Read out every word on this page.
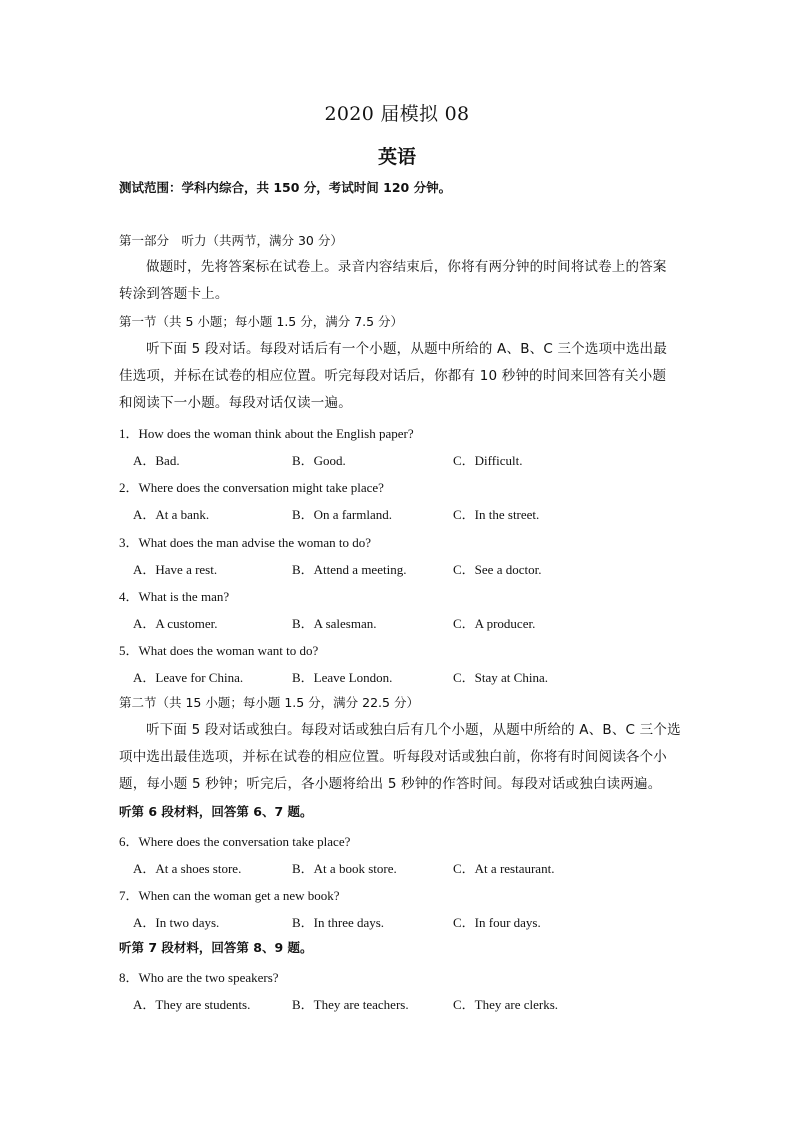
2020 届模拟 08
英语
测试范围：学科内综合，共 150 分，考试时间 120 分钟。
第一部分　听力（共两节，满分 30 分）
做题时，先将答案标在试卷上。录音内容结束后，你将有两分钟的时间将试卷上的答案转涂到答题卡上。
第一节（共 5 小题；每小题 1.5 分，满分 7.5 分）
听下面 5 段对话。每段对话后有一个小题，从题中所给的 A、B、C 三个选项中选出最佳选项，并标在试卷的相应位置。听完每段对话后，你都有 10 秒钟的时间来回答有关小题和阅读下一小题。每段对话仅读一遍。
1．How does the woman think about the English paper?
A．Bad.	B．Good.	C．Difficult.
2．Where does the conversation might take place?
A．At a bank.	B．On a farmland.	C．In the street.
3．What does the man advise the woman to do?
A．Have a rest.	B．Attend a meeting.	C．See a doctor.
4．What is the man?
A．A customer.	B．A salesman.	C．A producer.
5．What does the woman want to do?
A．Leave for China.	B．Leave London.	C．Stay at China.
第二节（共 15 小题；每小题 1.5 分，满分 22.5 分）
听下面 5 段对话或独白。每段对话或独白后有几个小题，从题中所给的 A、B、C 三个选项中选出最佳选项，并标在试卷的相应位置。听每段对话或独白前，你将有时间阅读各个小题，每小题 5 秒钟；听完后，各小题将给出 5 秒钟的作答时间。每段对话或独白读两遍。
听第 6 段材料，回答第 6、7 题。
6．Where does the conversation take place?
A．At a shoes store.	B．At a book store.	C．At a restaurant.
7．When can the woman get a new book?
A．In two days.	B．In three days.	C．In four days.
听第 7 段材料，回答第 8、9 题。
8．Who are the two speakers?
A．They are students.	B．They are teachers.	C．They are clerks.
